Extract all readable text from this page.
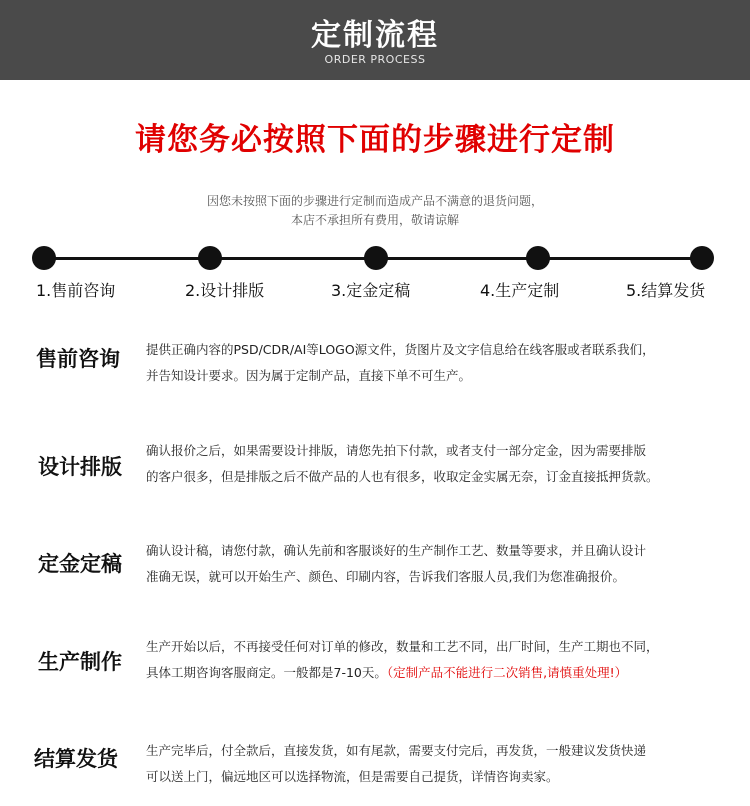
定制流程
ORDER PROCESS
请您务必按照下面的步骤进行定制
因您未按照下面的步骤进行定制而造成产品不满意的退货问题，
本店不承担所有费用，敬请谅解
1.售前咨询	2.设计排版	3.定金定稿	4.生产定制	5.结算发货
售前咨询 提供正确内容的PSD/CDR/AI等LOGO源文件，货图片及文字信息给在线客服或者联系我们，
并告知设计要求。因为属于定制产品，直接下单不可生产。
设计排版
确认报价之后，如果需要设计排版，请您先拍下付款，或者支付一部分定金，因为需要排版
的客户很多，但是排版之后不做产品的人也有很多，收取定金实属无奈，订金直接抵押货款。
定金定稿
确认设计稿，请您付款，确认先前和客服谈好的生产制作工艺、数量等要求，并且确认设计
准确无误，就可以开始生产、颜色、印刷内容，告诉我们客服人员,我们为您准确报价。
生产制作
生产开始以后，不再接受任何对订单的修改，数量和工艺不同，出厂时间，生产工期也不同，
具体工期咨询客服商定。一般都是7-10天。（定制产品不能进行二次销售,请慎重处理!）
结算发货 生产完毕后，付全款后，直接发货，如有尾款，需要支付完后，再发货，一般建议发货快递
可以送上门，偏远地区可以选择物流，但是需要自己提货，详情咨询卖家。
